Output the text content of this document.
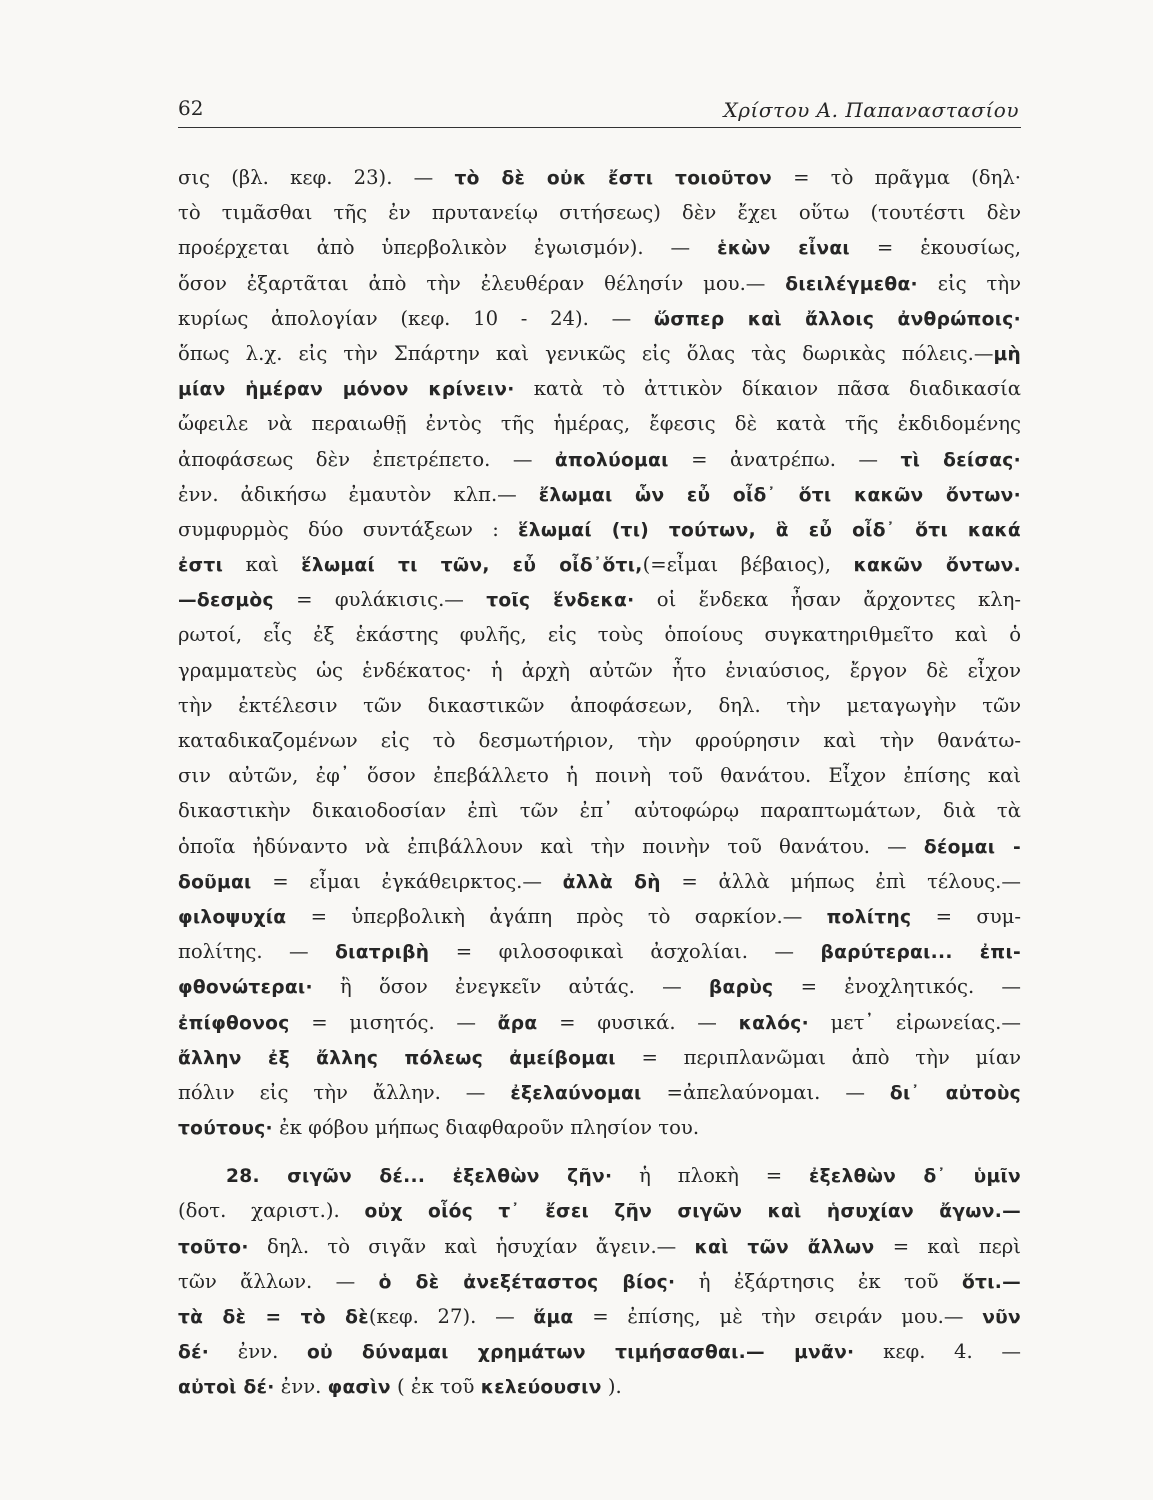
62	Χρίστου Α. Παπαναστασίου
σις (βλ. κεφ. 23). — τὸ δὲ οὐκ ἔστι τοιοῦτον = τὸ πρᾶγμα (δηλ·
τὸ τιμᾶσθαι τῆς ἐν πρυτανείῳ σιτήσεως) δὲν ἔχει οὕτω (τουτέστι δὲν
προέρχεται ἀπὸ ὑπερβολικὸν ἐγωισμόν). — ἑκὼν εἶναι = ἑκουσίως,
ὅσον ἐξαρτᾶται ἀπὸ τὴν ἐλευθέραν θέλησίν μου.— διειλέγμεθα· εἰς τὴν
κυρίως ἀπολογίαν (κεφ. 10 - 24). — ὥσπερ καὶ ἄλλοις ἀνθρώποις·
ὅπως λ.χ. εἰς τὴν Σπάρτην καὶ γενικῶς εἰς ὅλας τὰς δωρικὰς πόλεις.—μὴ
μίαν ἡμέραν μόνον κρίνειν· κατὰ τὸ ἀττικὸν δίκαιον πᾶσα διαδικασία
ὤφειλε νὰ περαιωθῇ ἐντὸς τῆς ἡμέρας, ἔφεσις δὲ κατὰ τῆς ἐκδιδομένης
ἀποφάσεως δὲν ἐπετρέπετο. — ἀπολύομαι = ἀνατρέπω. — τὶ δείσας·
ἐνν. ἀδικήσω ἐμαυτὸν κλπ.— ἔλωμαι ὧν εὖ οἶδ᾽ ὅτι κακῶν ὄντων·
συμφυρμὸς δύο συντάξεων : ἕλωμαί (τι) τούτων, ἃ εὖ οἶδ᾽ ὅτι κακά
ἐστι καὶ ἕλωμαί τι τῶν, εὖ οἶδ᾽ὅτι,(=εἶμαι βέβαιος), κακῶν ὄντων.
—δεσμὸς = φυλάκισις.— τοῖς ἕνδεκα· οἱ ἕνδεκα ἦσαν ἄρχοντες κλη-
ρωτοί, εἷς ἐξ ἑκάστης φυλῆς, εἰς τοὺς ὁποίους συγκατηριθμεῖτο καὶ ὁ
γραμματεὺς ὡς ἑνδέκατος· ἡ ἀρχὴ αὐτῶν ἦτο ἐνιαύσιος, ἔργον δὲ εἶχον
τὴν ἐκτέλεσιν τῶν δικαστικῶν ἀποφάσεων, δηλ. τὴν μεταγωγὴν τῶν
καταδικαζομένων εἰς τὸ δεσμωτήριον, τὴν φρούρησιν καὶ τὴν θανάτω-
σιν αὐτῶν, ἐφ᾽ ὅσον ἐπεβάλλετο ἡ ποινὴ τοῦ θανάτου. Εἶχον ἐπίσης καὶ
δικαστικὴν δικαιοδοσίαν ἐπὶ τῶν ἐπ᾽ αὐτοφώρῳ παραπτωμάτων, διὰ τὰ
ὁποῖα ἠδύναντο νὰ ἐπιβάλλουν καὶ τὴν ποινὴν τοῦ θανάτου. — δέομαι -
δοῦμαι = εἶμαι ἐγκάθειρκτος.— ἀλλὰ δὴ = ἀλλὰ μήπως ἐπὶ τέλους.—
φιλοψυχία = ὑπερβολικὴ ἀγάπη πρὸς τὸ σαρκίον.— πολίτης = συμ-
πολίτης. — διατριβὴ = φιλοσοφικαὶ ἀσχολίαι. — βαρύτεραι... ἐπι-
φθονώτεραι· ἢ ὅσον ἐνεγκεῖν αὐτάς. — βαρὺς = ἐνοχλητικός. —
ἐπίφθονος = μισητός. — ἄρα = φυσικά. — καλός· μετ᾽ εἰρωνείας.—
ἄλλην ἐξ ἄλλης πόλεως ἀμείβομαι = περιπλανῶμαι ἀπὸ τὴν μίαν
πόλιν εἰς τὴν ἄλλην. — ἐξελαύνομαι =ἀπελαύνομαι. — δι᾽ αὐτοὺς
τούτους· ἐκ φόβου μήπως διαφθαροῦν πλησίον του.
28. σιγῶν δέ... ἐξελθὼν ζῆν· ἡ πλοκὴ = ἐξελθὼν δ᾽ ὑμῖν
(δοτ. χαριστ.). οὐχ οἷός τ᾽ ἔσει ζῆν σιγῶν καὶ ἡσυχίαν ἄγων.—
τοῦτο· δηλ. τὸ σιγᾶν καὶ ἡσυχίαν ἄγειν.— καὶ τῶν ἄλλων = καὶ περὶ
τῶν ἄλλων. — ὁ δὲ ἀνεξέταστος βίος· ἡ ἐξάρτησις ἐκ τοῦ ὅτι.—
τὰ δὲ = τὸ δὲ(κεφ. 27). — ἅμα = ἐπίσης, μὲ τὴν σειράν μου.— νῦν
δέ· ἐνν. οὐ δύναμαι χρημάτων τιμήσασθαι.— μνᾶν· κεφ. 4. —
αὐτοὶ δέ· ἐνν. φασὶν ( ἐκ τοῦ κελεύουσιν ).
